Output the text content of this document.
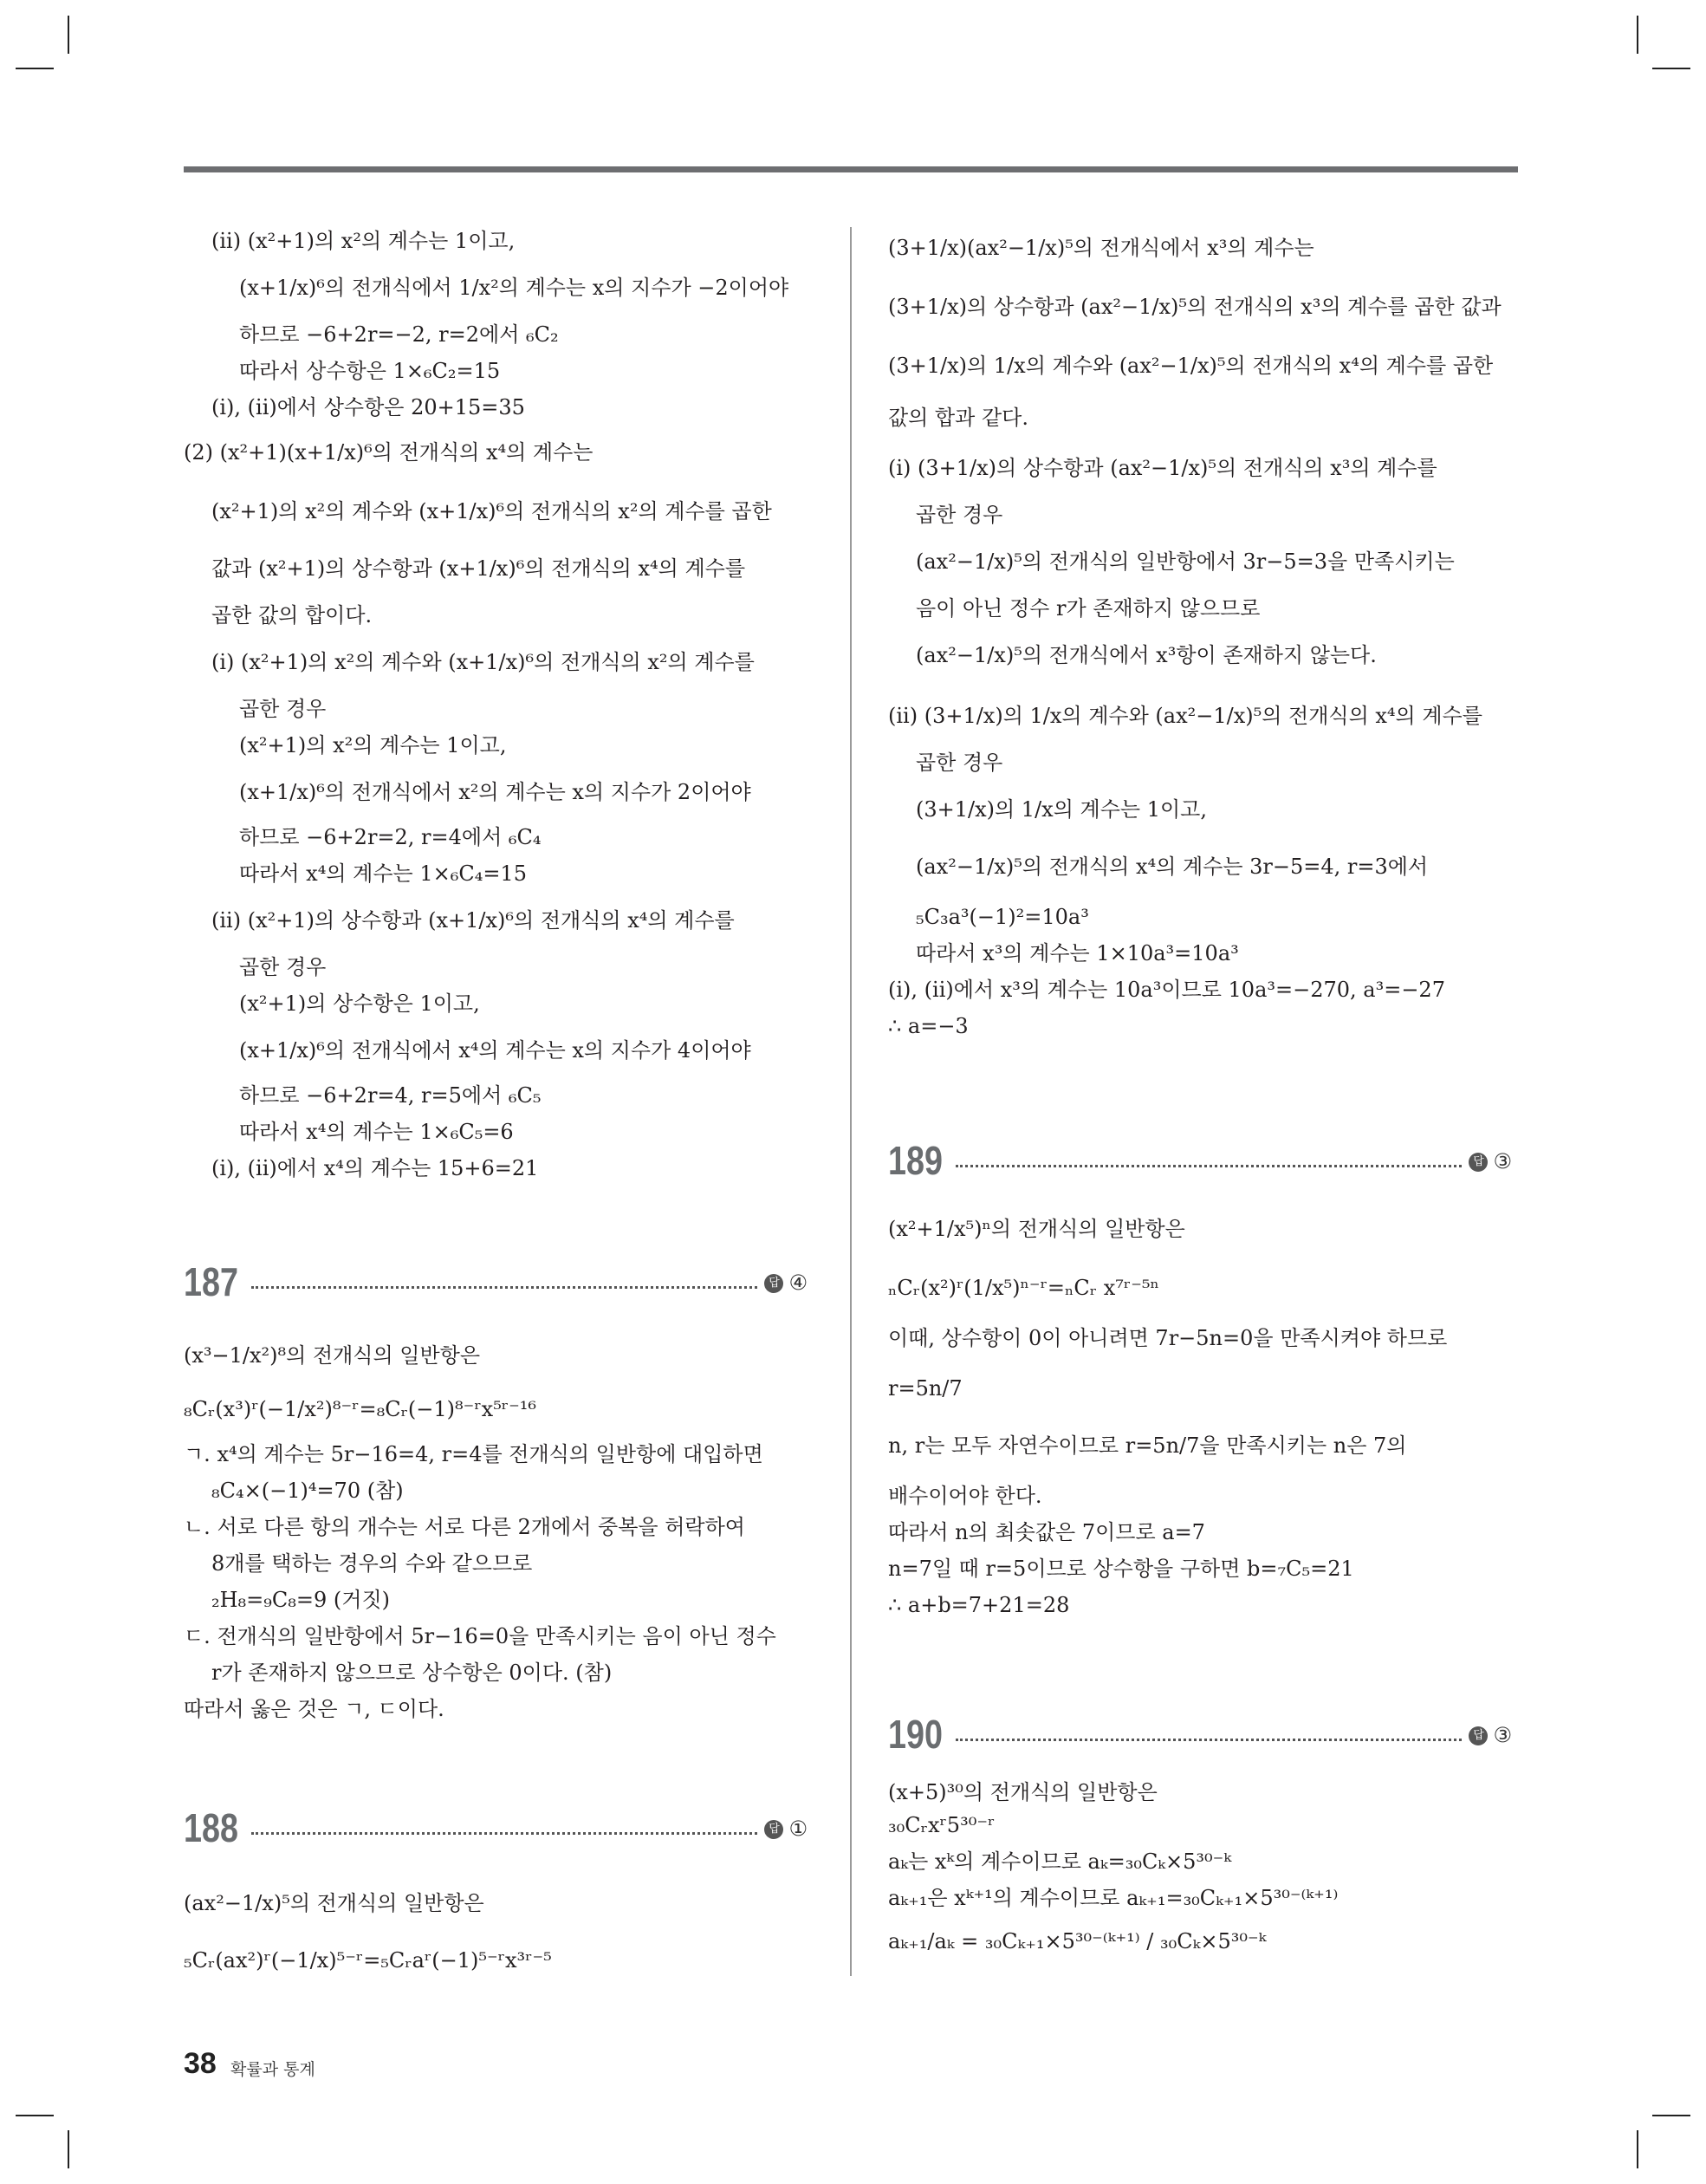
(ii) (x²+1)의 x²의 계수는 1이고,
(x+1/x)⁶의 전개식에서 1/x²의 계수는 x의 지수가 −2이어야
하므로 −6+2r=−2, r=2에서 ₆C₂
따라서 상수항은 1×₆C₂=15
(i), (ii)에서 상수항은 20+15=35
(2) (x²+1)(x+1/x)⁶의 전개식의 x⁴의 계수는
(x²+1)의 x²의 계수와 (x+1/x)⁶의 전개식의 x²의 계수를 곱한
값과 (x²+1)의 상수항과 (x+1/x)⁶의 전개식의 x⁴의 계수를
곱한 값의 합이다.
(i) (x²+1)의 x²의 계수와 (x+1/x)⁶의 전개식의 x²의 계수를
곱한 경우
(x²+1)의 x²의 계수는 1이고,
(x+1/x)⁶의 전개식에서 x²의 계수는 x의 지수가 2이어야
하므로 −6+2r=2, r=4에서 ₆C₄
따라서 x⁴의 계수는 1×₆C₄=15
(ii) (x²+1)의 상수항과 (x+1/x)⁶의 전개식의 x⁴의 계수를
곱한 경우
(x²+1)의 상수항은 1이고,
(x+1/x)⁶의 전개식에서 x⁴의 계수는 x의 지수가 4이어야
하므로 −6+2r=4, r=5에서 ₆C₅
따라서 x⁴의 계수는 1×₆C₅=6
(i), (ii)에서 x⁴의 계수는 15+6=21
187	답 ④
(x³−1/x²)⁸의 전개식의 일반항은
₈Cᵣ(x³)ʳ(−1/x²)⁸⁻ʳ=₈Cᵣ(−1)⁸⁻ʳx⁵ʳ⁻¹⁶
ㄱ. x⁴의 계수는 5r−16=4, r=4를 전개식의 일반항에 대입하면
₈C₄×(−1)⁴=70 (참)
ㄴ. 서로 다른 항의 개수는 서로 다른 2개에서 중복을 허락하여
8개를 택하는 경우의 수와 같으므로
₂H₈=₉C₈=9 (거짓)
ㄷ. 전개식의 일반항에서 5r−16=0을 만족시키는 음이 아닌 정수
r가 존재하지 않으므로 상수항은 0이다. (참)
따라서 옳은 것은 ㄱ, ㄷ이다.
188	답 ①
(ax²−1/x)⁵의 전개식의 일반항은
₅Cᵣ(ax²)ʳ(−1/x)⁵⁻ʳ=₅Cᵣaʳ(−1)⁵⁻ʳx³ʳ⁻⁵
(3+1/x)(ax²−1/x)⁵의 전개식에서 x³의 계수는
(3+1/x)의 상수항과 (ax²−1/x)⁵의 전개식의 x³의 계수를 곱한 값과
(3+1/x)의 1/x의 계수와 (ax²−1/x)⁵의 전개식의 x⁴의 계수를 곱한
값의 합과 같다.
(i) (3+1/x)의 상수항과 (ax²−1/x)⁵의 전개식의 x³의 계수를
곱한 경우
(ax²−1/x)⁵의 전개식의 일반항에서 3r−5=3을 만족시키는
음이 아닌 정수 r가 존재하지 않으므로
(ax²−1/x)⁵의 전개식에서 x³항이 존재하지 않는다.
(ii) (3+1/x)의 1/x의 계수와 (ax²−1/x)⁵의 전개식의 x⁴의 계수를
곱한 경우
(3+1/x)의 1/x의 계수는 1이고,
(ax²−1/x)⁵의 전개식의 x⁴의 계수는 3r−5=4, r=3에서
₅C₃a³(−1)²=10a³
따라서 x³의 계수는 1×10a³=10a³
(i), (ii)에서 x³의 계수는 10a³이므로 10a³=−270, a³=−27
∴ a=−3
189	답 ③
(x²+1/x⁵)ⁿ의 전개식의 일반항은
ₙCᵣ(x²)ʳ(1/x⁵)ⁿ⁻ʳ=ₙCᵣ x⁷ʳ⁻⁵ⁿ
이때, 상수항이 0이 아니려면 7r−5n=0을 만족시켜야 하므로
r=5n/7
n, r는 모두 자연수이므로 r=5n/7을 만족시키는 n은 7의
배수이어야 한다.
따라서 n의 최솟값은 7이므로 a=7
n=7일 때 r=5이므로 상수항을 구하면 b=₇C₅=21
∴ a+b=7+21=28
190	답 ③
(x+5)³⁰의 전개식의 일반항은
₃₀Cᵣxʳ5³⁰⁻ʳ
aₖ는 xᵏ의 계수이므로 aₖ=₃₀Cₖ×5³⁰⁻ᵏ
aₖ₊₁은 xᵏ⁺¹의 계수이므로 aₖ₊₁=₃₀Cₖ₊₁×5³⁰⁻⁽ᵏ⁺¹⁾
aₖ₊₁/aₖ = ₃₀Cₖ₊₁×5³⁰⁻⁽ᵏ⁺¹⁾ / ₃₀Cₖ×5³⁰⁻ᵏ
38 확률과 통계
